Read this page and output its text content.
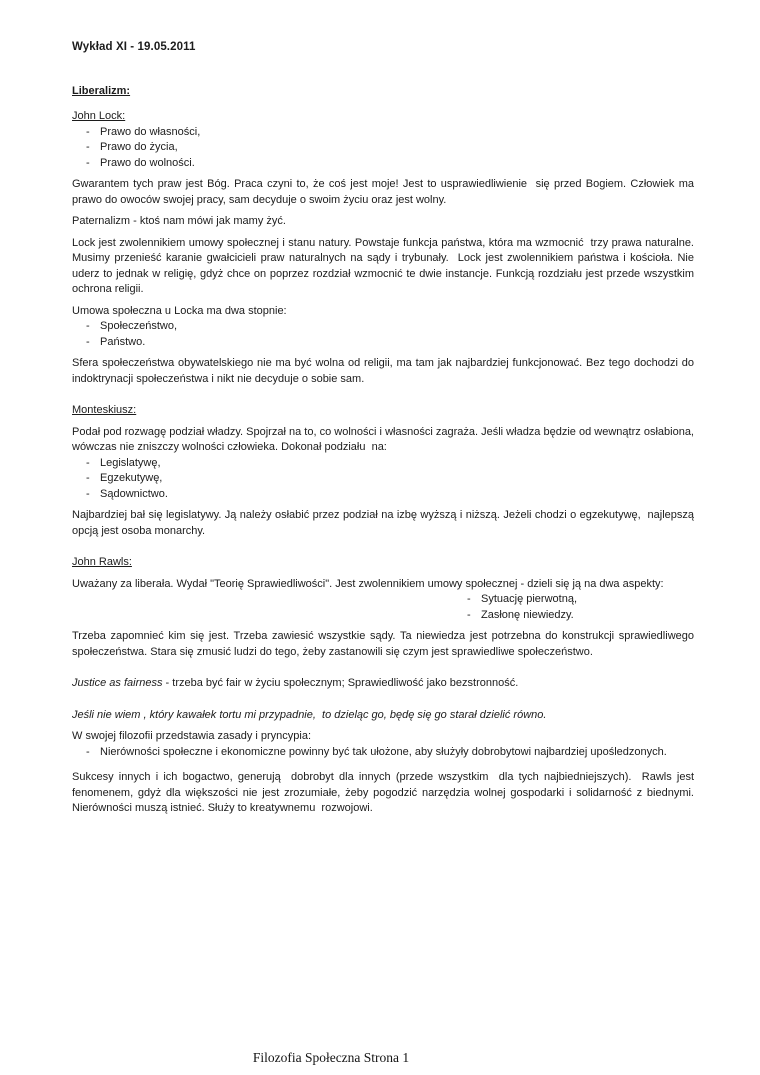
Wykład XI - 19.05.2011
Liberalizm:
John Lock:
- Prawo do własności,
- Prawo do życia,
- Prawo do wolności.
Gwarantem tych praw jest Bóg. Praca czyni to, że coś jest moje! Jest to usprawiedliwienie  się przed Bogiem. Człowiek ma prawo do owoców swojej pracy, sam decyduje o swoim życiu oraz jest wolny.
Paternalizm - ktoś nam mówi jak mamy żyć.
Lock jest zwolennikiem umowy społecznej i stanu natury. Powstaje funkcja państwa, która ma wzmocnić  trzy prawa naturalne. Musimy przenieść karanie gwałcicieli praw naturalnych na sądy i trybunały.  Lock jest zwolennikiem państwa i kościoła. Nie uderz to jednak w religię, gdyż chce on poprzez rozdział wzmocnić te dwie instancje. Funkcją rozdziału jest przede wszystkim ochrona religii.
Umowa społeczna u Locka ma dwa stopnie:
- Społeczeństwo,
- Państwo.
Sfera społeczeństwa obywatelskiego nie ma być wolna od religii, ma tam jak najbardziej funkcjonować. Bez tego dochodzi do indoktrynacji społeczeństwa i nikt nie decyduje o sobie sam.
Monteskiusz:
Podał pod rozwagę podział władzy. Spojrzał na to, co wolności i własności zagraża. Jeśli władza będzie od wewnątrz osłabiona, wówczas nie zniszczy wolności człowieka. Dokonał podziału  na:
- Legislatywę,
- Egzekutywę,
- Sądownictwo.
Najbardziej bał się legislatywy. Ją należy osłabić przez podział na izbę wyższą i niższą. Jeżeli chodzi o egzekutywę,  najlepszą opcją jest osoba monarchy.
John Rawls:
Uważany za liberała. Wydał "Teorię Sprawiedliwości". Jest zwolennikiem umowy społecznej - dzieli się ją na dwa aspekty:
- Sytuację pierwotną,
- Zasłonę niewiedzy.
Trzeba zapomnieć kim się jest. Trzeba zawiesić wszystkie sądy. Ta niewiedza jest potrzebna do konstrukcji sprawiedliwego społeczeństwa. Stara się zmusić ludzi do tego, żeby zastanowili się czym jest sprawiedliwe społeczeństwo.
Justice as fairness - trzeba być fair w życiu społecznym; Sprawiedliwość jako bezstronność.
Jeśli nie wiem , który kawałek tortu mi przypadnie,  to dzieląc go, będę się go starał dzielić równo.
W swojej filozofii przedstawia zasady i pryncypia:
- Nierówności społeczne i ekonomiczne powinny być tak ułożone, aby służyły dobrobytowi najbardziej upośledzonych.
Sukcesy innych i ich bogactwo, generują  dobrobyt dla innych (przede wszystkim  dla tych najbiedniejszych).  Rawls jest fenomenem, gdyż dla większości nie jest zrozumiałe, żeby pogodzić narzędzia wolnej gospodarki i solidarność z biednymi.  Nierówności muszą istnieć. Służy to kreatywnemu  rozwojowi.
Filozofia Społeczna Strona 1
